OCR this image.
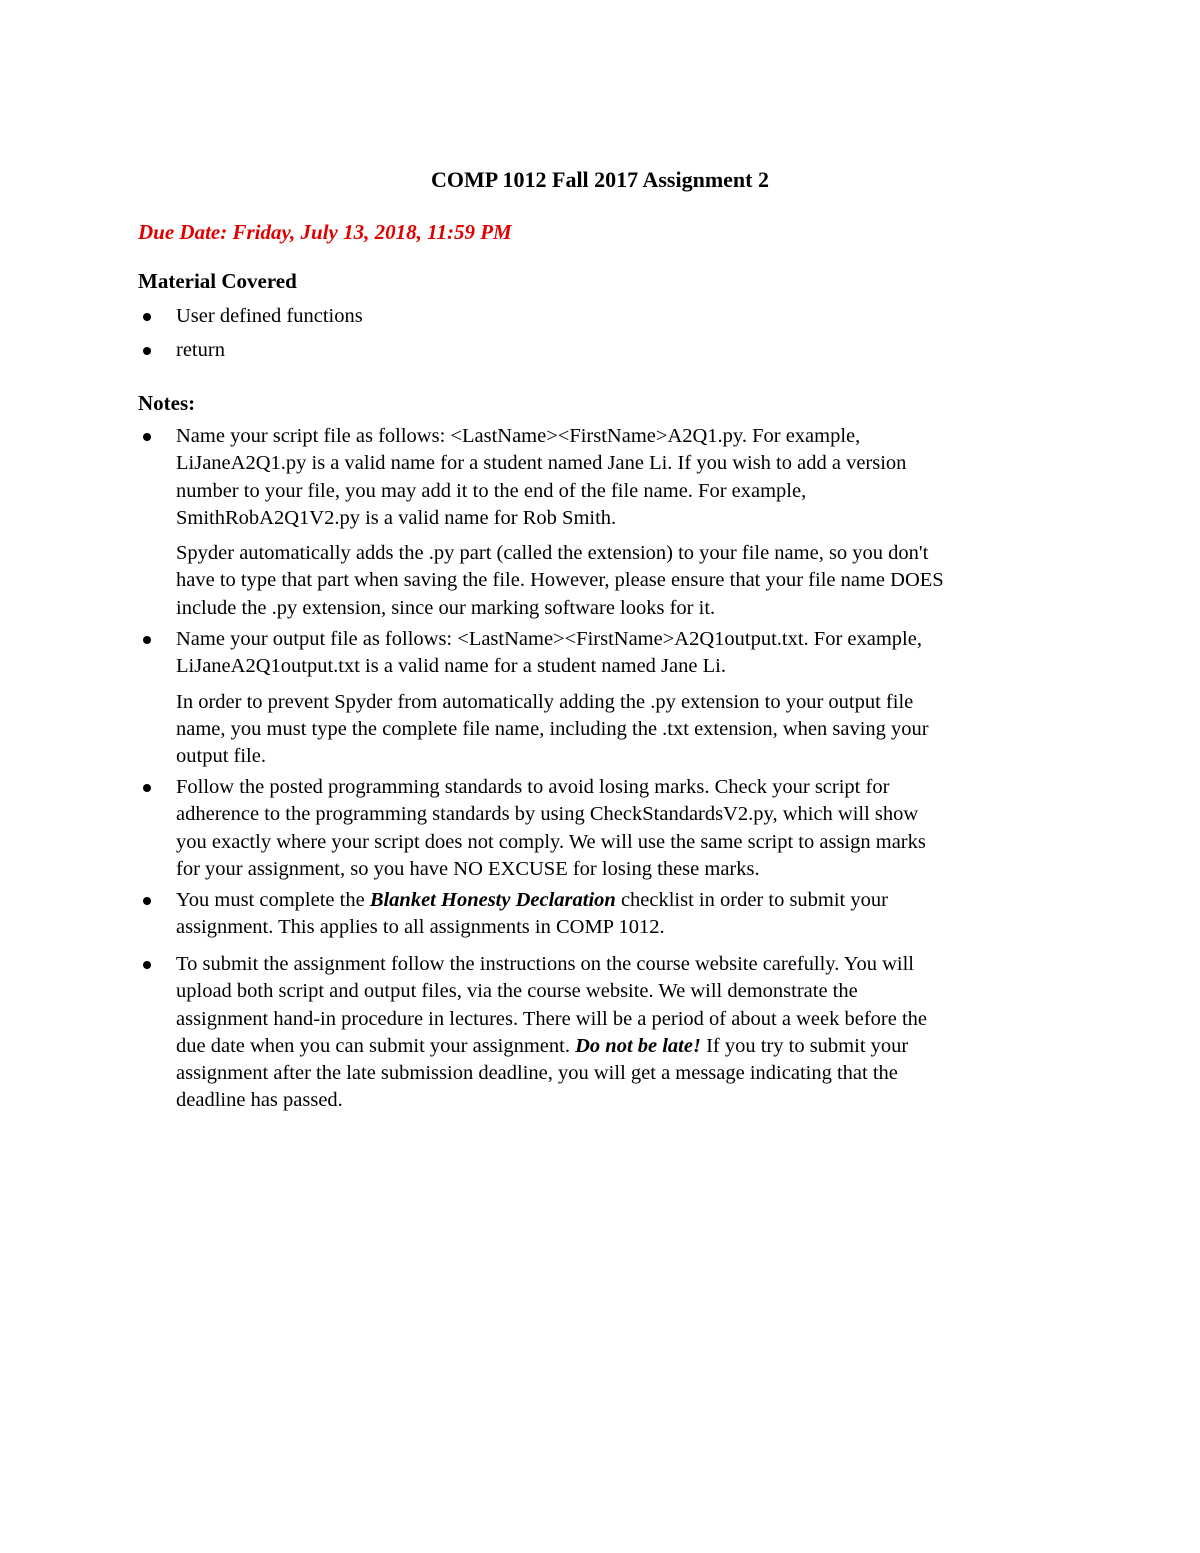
COMP 1012 Fall 2017 Assignment 2
Due Date: Friday, July 13, 2018, 11:59 PM
Material Covered
User defined functions
return
Notes:
Name your script file as follows: <LastName><FirstName>A2Q1.py. For example,
LiJaneA2Q1.py is a valid name for a student named Jane Li. If you wish to add a version
number to your file, you may add it to the end of the file name. For example,
SmithRobA2Q1V2.py is a valid name for Rob Smith.
Spyder automatically adds the .py part (called the extension) to your file name, so you don't
have to type that part when saving the file. However, please ensure that your file name DOES
include the .py extension, since our marking software looks for it.
Name your output file as follows: <LastName><FirstName>A2Q1output.txt. For example,
LiJaneA2Q1output.txt is a valid name for a student named Jane Li.
In order to prevent Spyder from automatically adding the .py extension to your output file
name, you must type the complete file name, including the .txt extension, when saving your
output file.
Follow the posted programming standards to avoid losing marks. Check your script for
adherence to the programming standards by using CheckStandardsV2.py, which will show
you exactly where your script does not comply. We will use the same script to assign marks
for your assignment, so you have NO EXCUSE for losing these marks.
You must complete the Blanket Honesty Declaration checklist in order to submit your
assignment. This applies to all assignments in COMP 1012.
To submit the assignment follow the instructions on the course website carefully. You will
upload both script and output files, via the course website. We will demonstrate the
assignment hand-in procedure in lectures. There will be a period of about a week before the
due date when you can submit your assignment. Do not be late! If you try to submit your
assignment after the late submission deadline, you will get a message indicating that the
deadline has passed.
